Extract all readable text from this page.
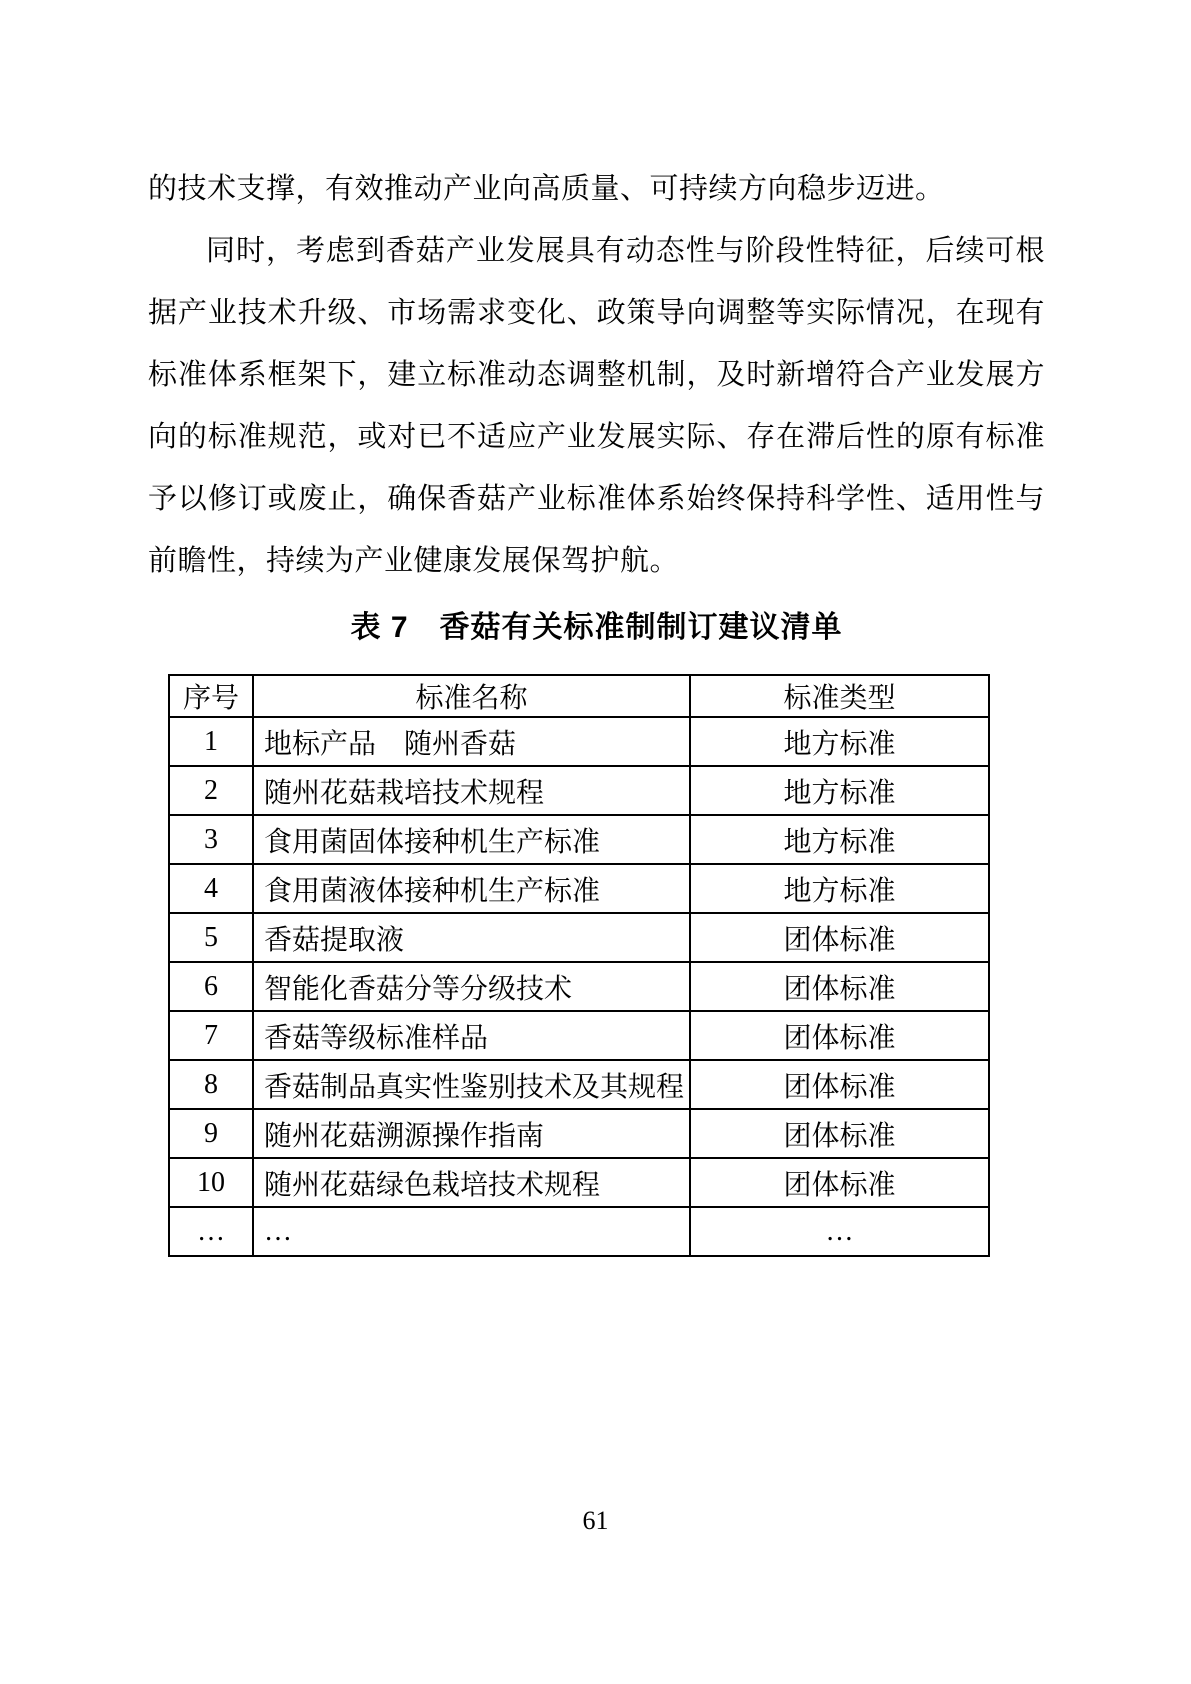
的技术支撑，有效推动产业向高质量、可持续方向稳步迈进。

同时，考虑到香菇产业发展具有动态性与阶段性特征，后续可根据产业技术升级、市场需求变化、政策导向调整等实际情况，在现有标准体系框架下，建立标准动态调整机制，及时新增符合产业发展方向的标准规范，或对已不适应产业发展实际、存在滞后性的原有标准予以修订或废止，确保香菇产业标准体系始终保持科学性、适用性与前瞻性，持续为产业健康发展保驾护航。

表 7　香菇有关标准制制订建议清单
序号	标准名称	标准类型
1	地标产品　随州香菇	地方标准
2	随州花菇栽培技术规程	地方标准
3	食用菌固体接种机生产标准	地方标准
4	食用菌液体接种机生产标准	地方标准
5	香菇提取液	团体标准
6	智能化香菇分等分级技术	团体标准
7	香菇等级标准样品	团体标准
8	香菇制品真实性鉴别技术及其规程	团体标准
9	随州花菇溯源操作指南	团体标准
10	随州花菇绿色栽培技术规程	团体标准
…	…	…
61
